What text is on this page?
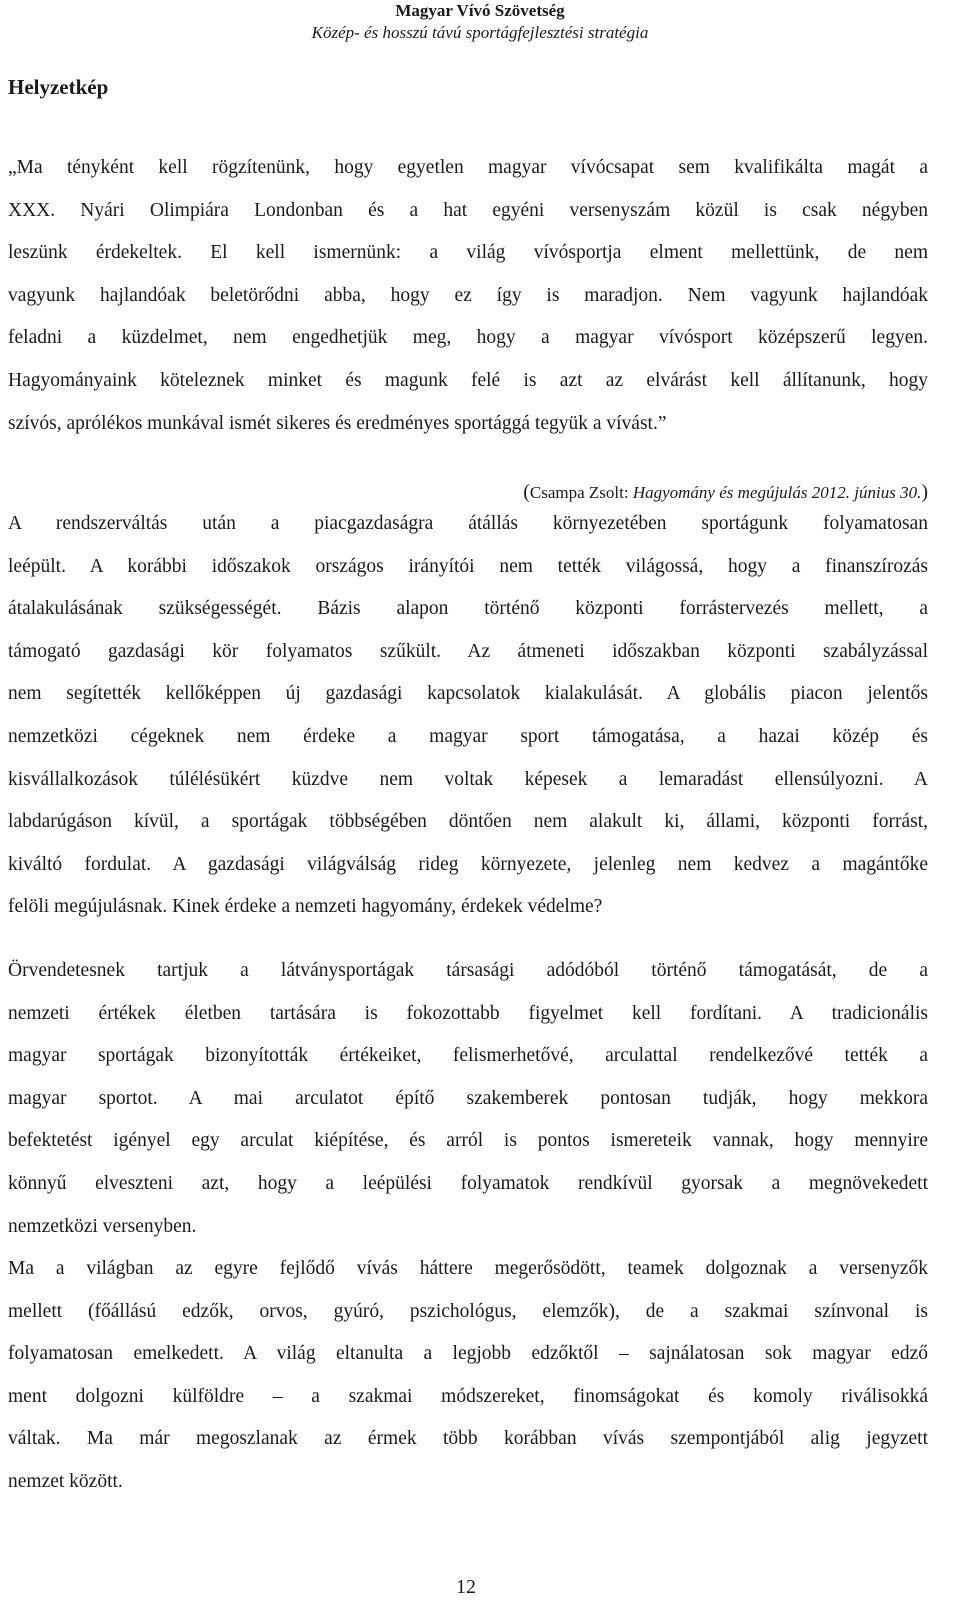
Magyar Vívó Szövetség
Közép- és hosszú távú sportágfejlesztési stratégia
Helyzetkép
„Ma tényként kell rögzítenünk, hogy egyetlen magyar vívócsapat sem kvalifikálta magát a
XXX. Nyári Olimpiára Londonban és a hat egyéni versenyszám közül is csak négyben
leszünk érdekeltek. El kell ismernünk: a világ vívósportja elment mellettünk, de nem
vagyunk hajlandóak beletörődni abba, hogy ez így is maradjon. Nem vagyunk hajlandóak
feladni a küzdelmet, nem engedhetjük meg, hogy a magyar vívósport középszerű legyen.
Hagyományaink köteleznek minket és magunk felé is azt az elvárást kell állítanunk, hogy
szívós, aprólékos munkával ismét sikeres és eredményes sportággá tegyük a vívást.”
(Csampa Zsolt: Hagyomány és megújulás 2012. június 30.)
A rendszerváltás után a piacgazdaságra átállás környezetében sportágunk folyamatosan
leépült. A korábbi időszakok országos irányítói nem tették világossá, hogy a finanszírozás
átalakulásának szükségességét. Bázis alapon történő központi forrástervezés mellett, a
támogató gazdasági kör folyamatos szűkült. Az átmeneti időszakban központi szabályzással
nem segítették kellőképpen új gazdasági kapcsolatok kialakulását. A globális piacon jelentős
nemzetközi cégeknek nem érdeke a magyar sport támogatása, a hazai közép és
kisvállalkozások túlélésükért küzdve nem voltak képesek a lemaradást ellensúlyozni. A
labdarúgáson kívül, a sportágak többségében döntően nem alakult ki, állami, központi forrást,
kiváltó fordulat. A gazdasági világválság rideg környezete, jelenleg nem kedvez a magántőke
felöli megújulásnak. Kinek érdeke a nemzeti hagyomány, érdekek védelme?
Örvendetesnek tartjuk a látványsportágak társasági adódóból történő támogatását, de a
nemzeti értékek életben tartására is fokozottabb figyelmet kell fordítani. A tradicionális
magyar sportágak bizonyították értékeiket, felismerhetővé, arculattal rendelkezővé tették a
magyar sportot. A mai arculatot építő szakemberek pontosan tudják, hogy mekkora
befektetést igényel egy arculat kiépítése, és arról is pontos ismereteik vannak, hogy mennyire
könnyű elveszteni azt, hogy a leépülési folyamatok rendkívül gyorsak a megnövekedett
nemzetközi versenyben.
Ma a világban az egyre fejlődő vívás háttere megerősödött, teamek dolgoznak a versenyzők
mellett (főállású edzők, orvos, gyúró, pszichológus, elemzők), de a szakmai színvonal is
folyamatosan emelkedett. A világ eltanulta a legjobb edzőktől – sajnálatosan sok magyar edző
ment dolgozni külföldre – a szakmai módszereket, finomságokat és komoly riválisokká
váltak. Ma már megoszlanak az érmek több korábban vívás szempontjából alig jegyzett
nemzet között.
12
